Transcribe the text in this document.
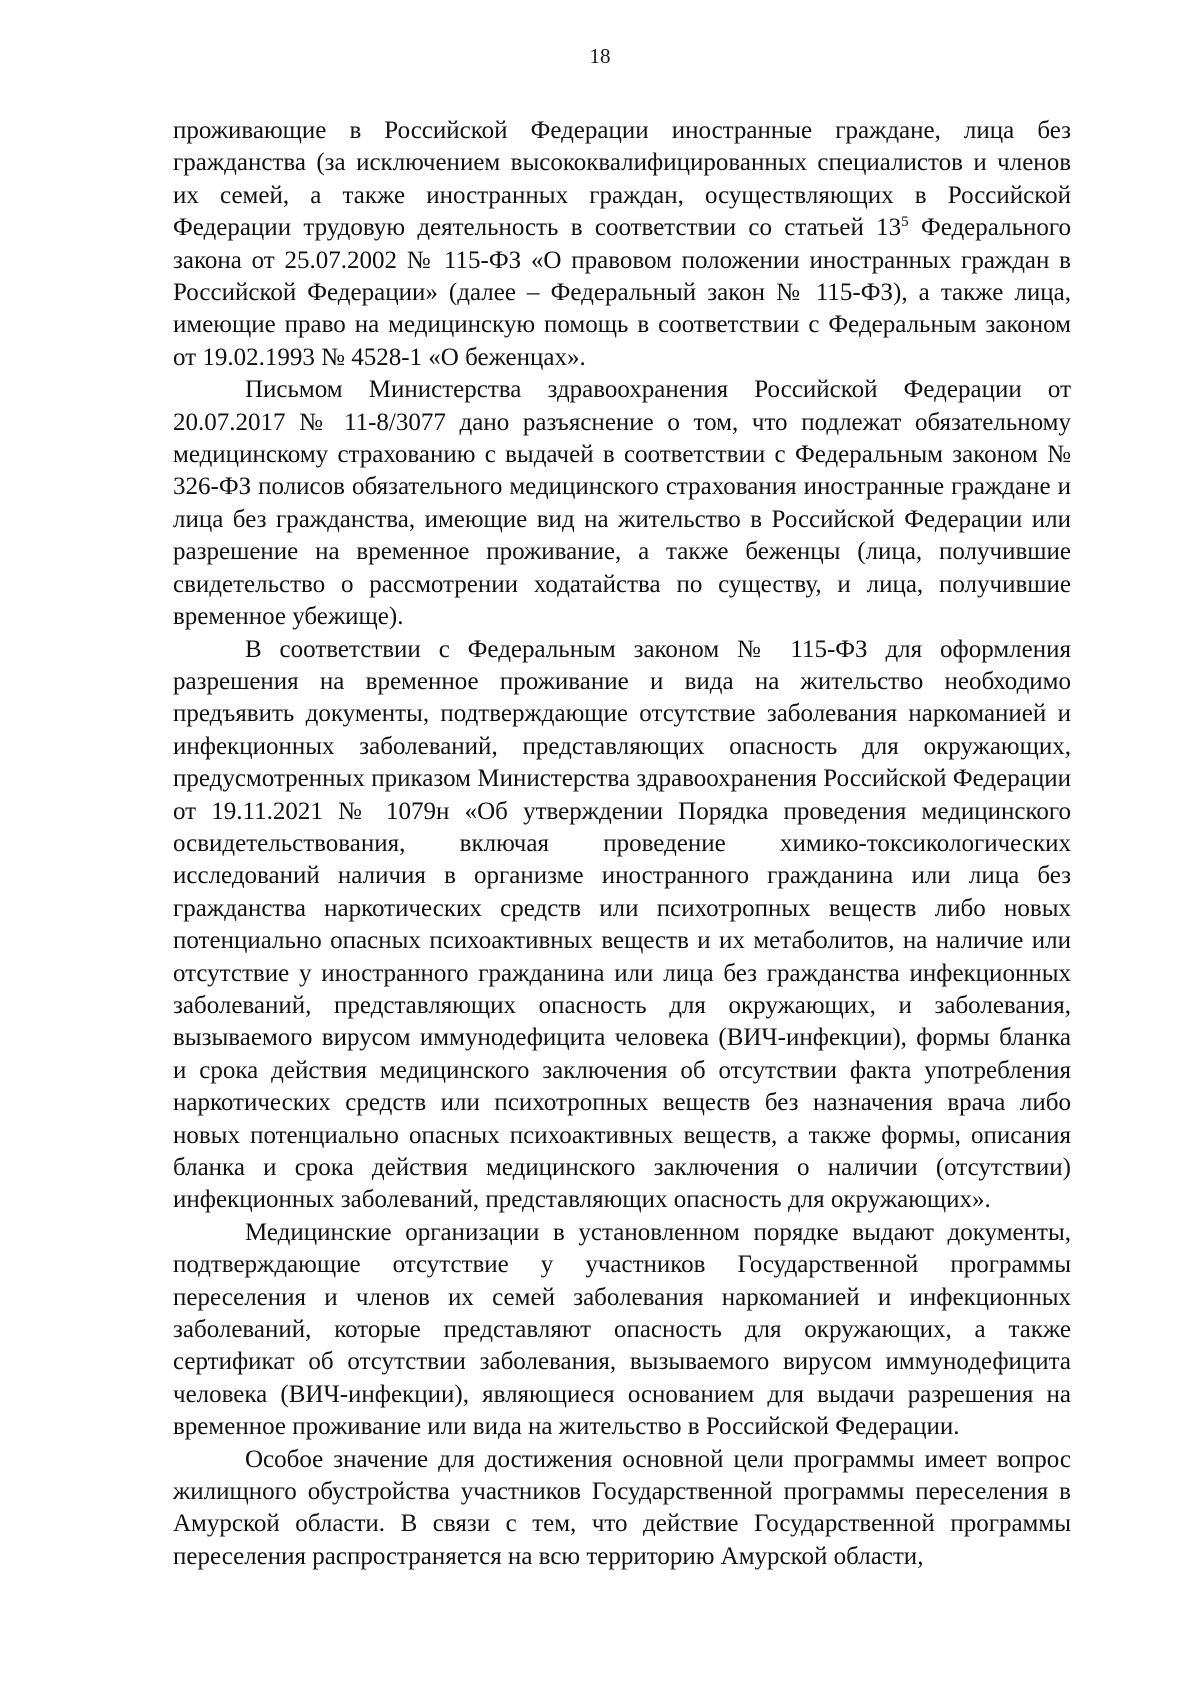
18

проживающие в Российской Федерации иностранные граждане, лица без гражданства (за исключением высококвалифицированных специалистов и членов их семей, а также иностранных граждан, осуществляющих в Российской Федерации трудовую деятельность в соответствии со статьей $13^5$ Федерального закона от 25.07.2002 № 115-ФЗ «О правовом положении иностранных граждан в Российской Федерации» (далее – Федеральный закон № 115-ФЗ), а также лица, имеющие право на медицинскую помощь в соответствии с Федеральным законом от 19.02.1993 № 4528-1 «О беженцах».

Письмом Министерства здравоохранения Российской Федерации от 20.07.2017 № 11-8/3077 дано разъяснение о том, что подлежат обязательному медицинскому страхованию с выдачей в соответствии с Федеральным законом № 326-ФЗ полисов обязательного медицинского страхования иностранные граждане и лица без гражданства, имеющие вид на жительство в Российской Федерации или разрешение на временное проживание, а также беженцы (лица, получившие свидетельство о рассмотрении ходатайства по существу, и лица, получившие временное убежище).

В соответствии с Федеральным законом № 115-ФЗ для оформления разрешения на временное проживание и вида на жительство необходимо предъявить документы, подтверждающие отсутствие заболевания наркоманией и инфекционных заболеваний, представляющих опасность для окружающих, предусмотренных приказом Министерства здравоохранения Российской Федерации от 19.11.2021 № 1079н «Об утверждении Порядка проведения медицинского освидетельствования, включая проведение химико-токсикологических исследований наличия в организме иностранного гражданина или лица без гражданства наркотических средств или психотропных веществ либо новых потенциально опасных психоактивных веществ и их метаболитов, на наличие или отсутствие у иностранного гражданина или лица без гражданства инфекционных заболеваний, представляющих опасность для окружающих, и заболевания, вызываемого вирусом иммунодефицита человека (ВИЧ-инфекции), формы бланка и срока действия медицинского заключения об отсутствии факта употребления наркотических средств или психотропных веществ без назначения врача либо новых потенциально опасных психоактивных веществ, а также формы, описания бланка и срока действия медицинского заключения о наличии (отсутствии) инфекционных заболеваний, представляющих опасность для окружающих».

Медицинские организации в установленном порядке выдают документы, подтверждающие отсутствие у участников Государственной программы переселения и членов их семей заболевания наркоманией и инфекционных заболеваний, которые представляют опасность для окружающих, а также сертификат об отсутствии заболевания, вызываемого вирусом иммунодефицита человека (ВИЧ-инфекции), являющиеся основанием для выдачи разрешения на временное проживание или вида на жительство в Российской Федерации.

Особое значение для достижения основной цели программы имеет вопрос жилищного обустройства участников Государственной программы переселения в Амурской области. В связи с тем, что действие Государственной программы переселения распространяется на всю территорию Амурской области,
